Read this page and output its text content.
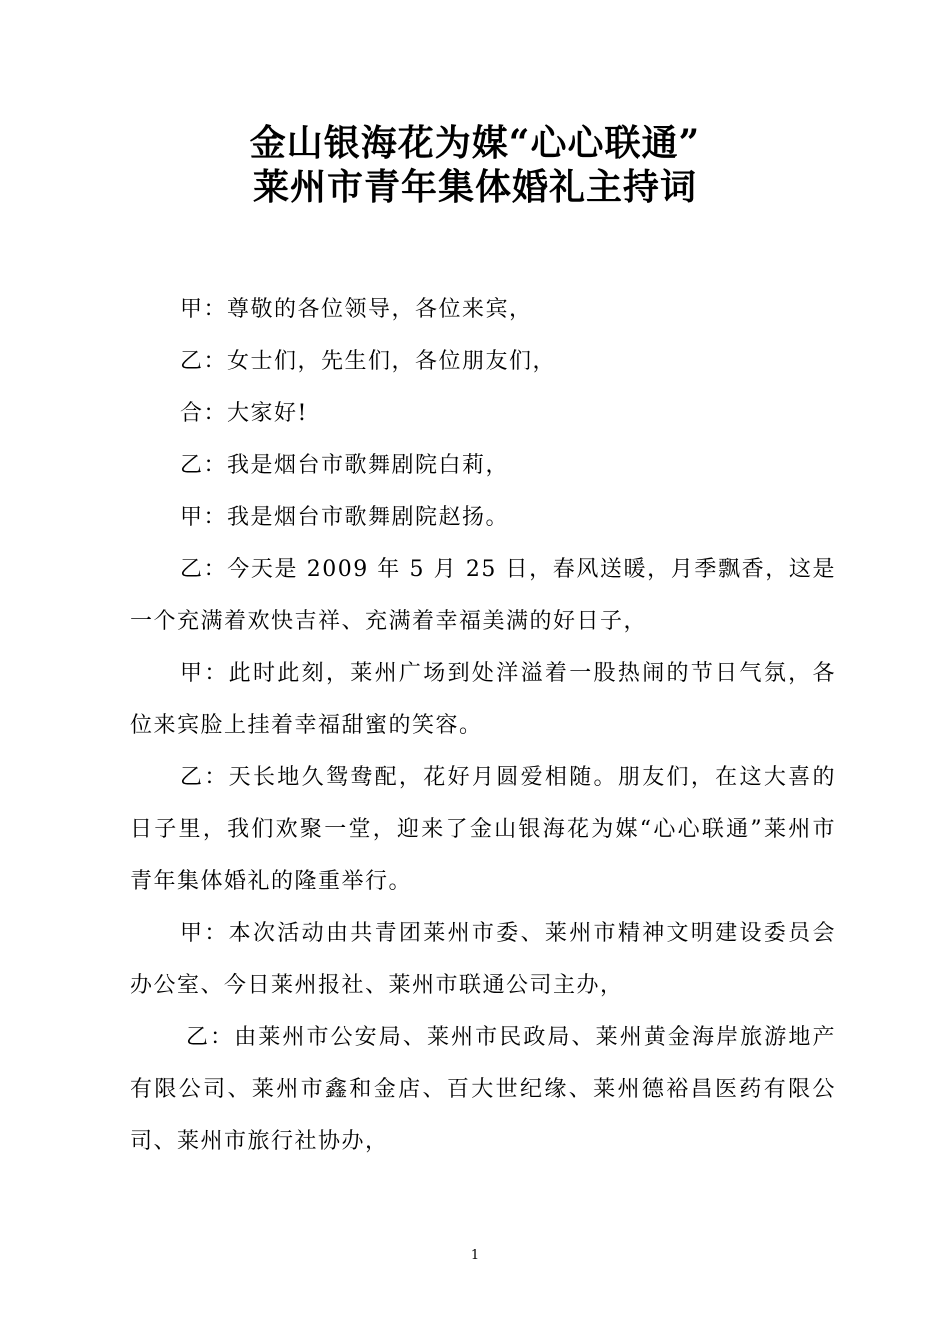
金山银海花为媒“心心联通”
莱州市青年集体婚礼主持词

甲：尊敬的各位领导，各位来宾，

乙：女士们，先生们，各位朋友们，

合：大家好!

乙：我是烟台市歌舞剧院白莉，

甲：我是烟台市歌舞剧院赵扬。

乙：今天是 2009 年 5 月 25 日，春风送暖，月季飘香，这是一个充满着欢快吉祥、充满着幸福美满的好日子，

甲：此时此刻，莱州广场到处洋溢着一股热闹的节日气氛，各位来宾脸上挂着幸福甜蜜的笑容。

乙：天长地久鸳鸯配，花好月圆爱相随。朋友们，在这大喜的日子里，我们欢聚一堂，迎来了金山银海花为媒“心心联通”莱州市青年集体婚礼的隆重举行。

甲：本次活动由共青团莱州市委、莱州市精神文明建设委员会办公室、今日莱州报社、莱州市联通公司主办，

乙：由莱州市公安局、莱州市民政局、莱州黄金海岸旅游地产有限公司、莱州市鑫和金店、百大世纪缘、莱州德裕昌医药有限公司、莱州市旅行社协办，

1
